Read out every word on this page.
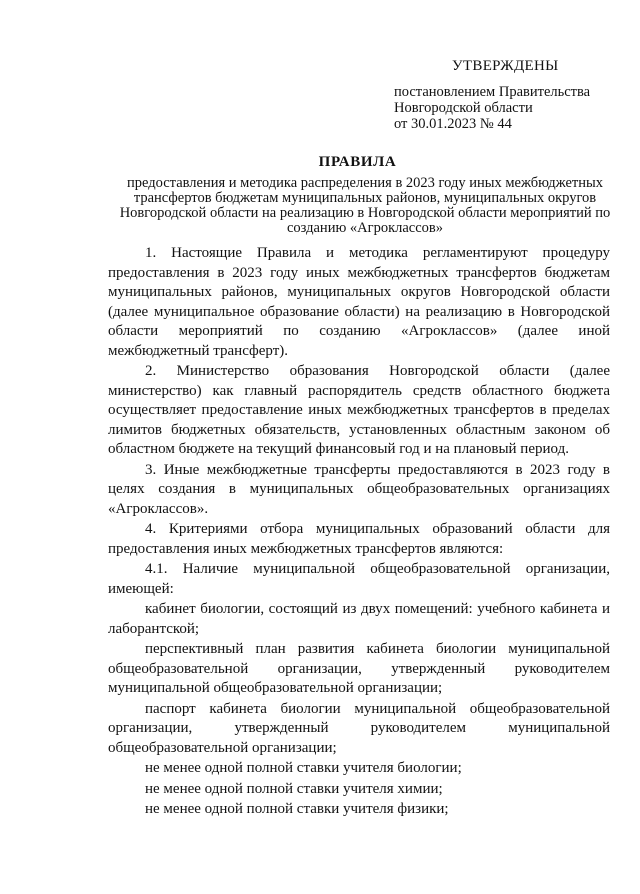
УТВЕРЖДЕНЫ
постановлением Правительства
Новгородской области
от 30.01.2023 № 44
ПРАВИЛА
предоставления и методика распределения в 2023 году иных межбюджетных трансфертов бюджетам муниципальных районов, муниципальных округов Новгородской области на реализацию в Новгородской области мероприятий по созданию «Агроклассов»

1. Настоящие Правила и методика регламентируют процедуру предоставления в 2023 году иных межбюджетных трансфертов бюджетам муниципальных районов, муниципальных округов Новгородской области (далее муниципальное образование области) на реализацию в Новгородской области мероприятий по созданию «Агроклассов» (далее иной межбюджетный трансферт).

2. Министерство образования Новгородской области (далее министерство) как главный распорядитель средств областного бюджета осуществляет предоставление иных межбюджетных трансфертов в пределах лимитов бюджетных обязательств, установленных областным законом об областном бюджете на текущий финансовый год и на плановый период.

3. Иные межбюджетные трансферты предоставляются в 2023 году в целях создания в муниципальных общеобразовательных организациях «Агроклассов».

4. Критериями отбора муниципальных образований области для предоставления иных межбюджетных трансфертов являются:

4.1. Наличие муниципальной общеобразовательной организации, имеющей:

кабинет биологии, состоящий из двух помещений: учебного кабинета и лаборантской;

перспективный план развития кабинета биологии муниципальной общеобразовательной организации, утвержденный руководителем муниципальной общеобразовательной организации;

паспорт кабинета биологии муниципальной общеобразовательной организации, утвержденный руководителем муниципальной общеобразовательной организации;

не менее одной полной ставки учителя биологии;

не менее одной полной ставки учителя химии;

не менее одной полной ставки учителя физики;
